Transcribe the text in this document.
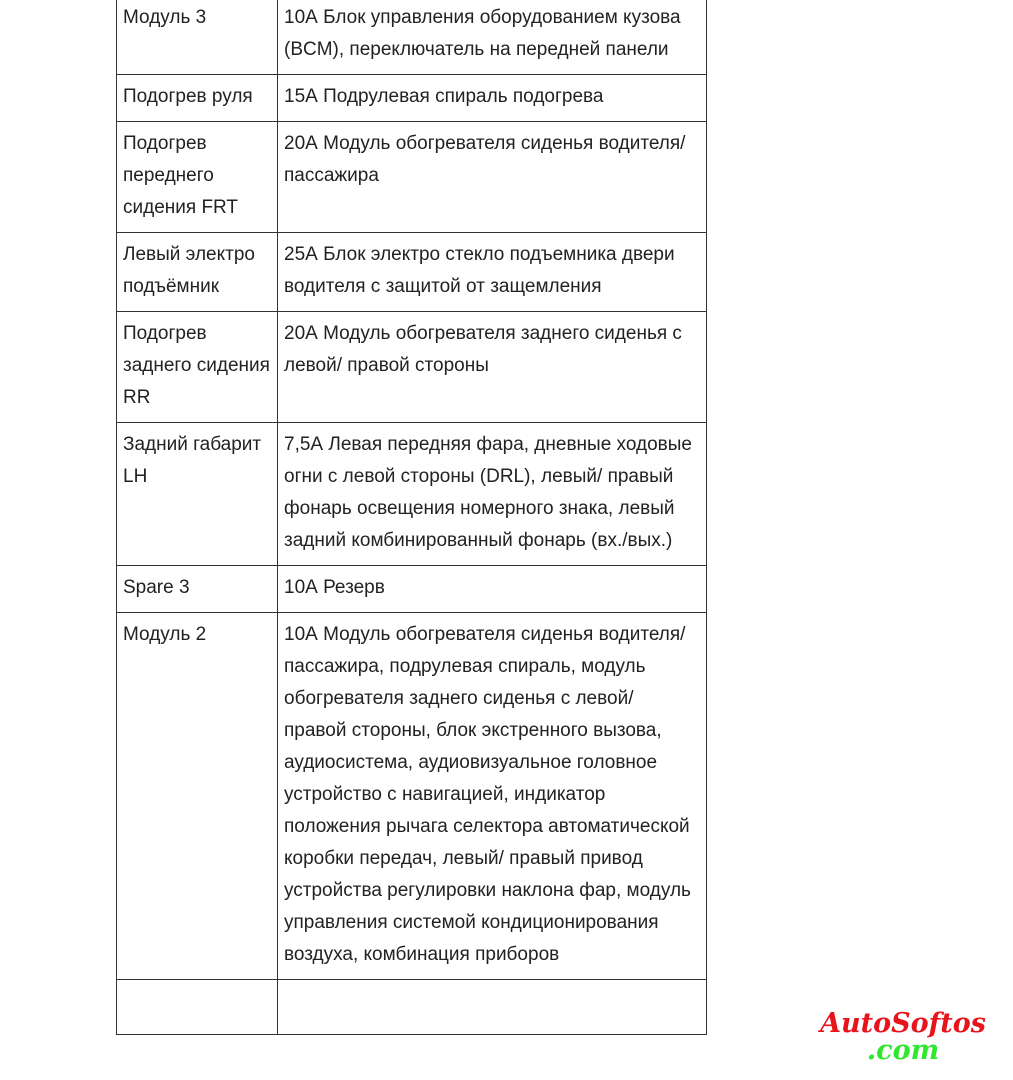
Модуль 3	10А Блок управления оборудованием кузова (BCM), переключатель на передней панели
Подогрев руля	15А Подрулевая спираль подогрева
Подогрев переднего сидения FRT	20А Модуль обогревателя сиденья водителя/ пассажира
Левый электро подъёмник	25А Блок электро стекло подъемника двери водителя с защитой от защемления
Подогрев заднего сидения RR	20А Модуль обогревателя заднего сиденья с левой/ правой стороны
Задний габарит LH	7,5А Левая передняя фара, дневные ходовые огни с левой стороны (DRL), левый/ правый фонарь освещения номерного знака, левый задний комбинированный фонарь (вх./вых.)
Spare 3	10А Резерв
Модуль 2	10А Модуль обогревателя сиденья водителя/ пассажира, подрулевая спираль, модуль обогревателя заднего сиденья с левой/ правой стороны, блок экстренного вызова, аудиосистема, аудиовизуальное головное устройство с навигацией, индикатор положения рычага селектора автоматической коробки передач, левый/ правый привод устройства регулировки наклона фар, модуль управления системой кондиционирования воздуха, комбинация приборов

AutoSoftos
.com
